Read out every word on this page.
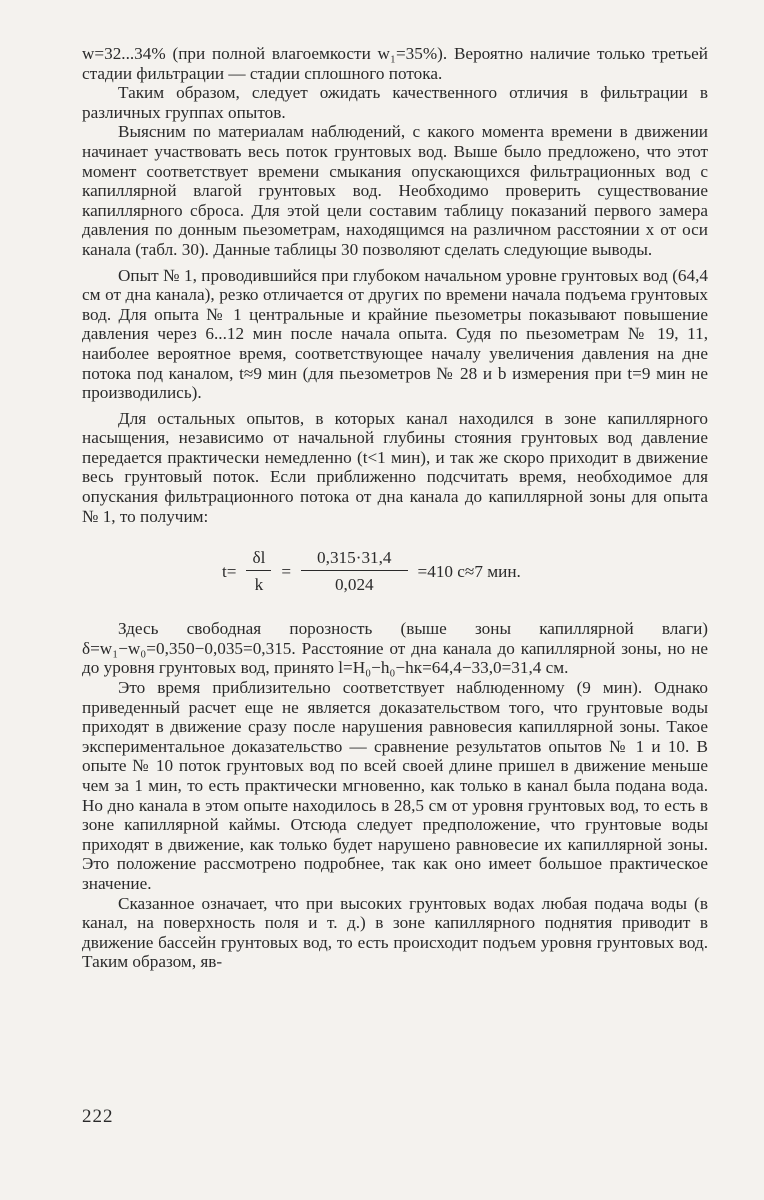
w=32...34% (при полной влагоемкости w₁=35%). Вероятно наличие только третьей стадии фильтрации — стадии сплошного потока.

Таким образом, следует ожидать качественного отличия в фильтрации в различных группах опытов.

Выясним по материалам наблюдений, с какого момента времени в движении начинает участвовать весь поток грунтовых вод. Выше было предложено, что этот момент соответствует времени смыкания опускающихся фильтрационных вод с капиллярной влагой грунтовых вод. Необходимо проверить существование капиллярного сброса. Для этой цели составим таблицу показаний первого замера давления по донным пьезометрам, находящимся на различном расстоянии x от оси канала (табл. 30). Данные таблицы 30 позволяют сделать следующие выводы.

Опыт № 1, проводившийся при глубоком начальном уровне грунтовых вод (64,4 см от дна канала), резко отличается от других по времени начала подъема грунтовых вод. Для опыта № 1 центральные и крайние пьезометры показывают повышение давления через 6...12 мин после начала опыта. Судя по пьезометрам № 19, 11, наиболее вероятное время, соответствующее началу увеличения давления на дне потока под каналом, t≈9 мин (для пьезометров № 28 и b измерения при t=9 мин не производились).

Для остальных опытов, в которых канал находился в зоне капиллярного насыщения, независимо от начальной глубины стояния грунтовых вод давление передается практически немедленно (t<1 мин), и так же скоро приходит в движение весь грунтовый поток. Если приближенно подсчитать время, необходимое для опускания фильтрационного потока от дна канала до капиллярной зоны для опыта № 1, то получим:

$t= \frac{\delta l}{k} = \frac{0,315\cdot 31,4}{0,024} =410$ с≈7 мин.

Здесь свободная порозность (выше зоны капиллярной влаги) δ=w₁−w₀=0,350−0,035=0,315. Расстояние от дна канала до капиллярной зоны, но не до уровня грунтовых вод, принято l=H₀−h₀−hк=64,4−33,0=31,4 см.

Это время приблизительно соответствует наблюденному (9 мин). Однако приведенный расчет еще не является доказательством того, что грунтовые воды приходят в движение сразу после нарушения равновесия капиллярной зоны. Такое экспериментальное доказательство — сравнение результатов опытов № 1 и 10. В опыте № 10 поток грунтовых вод по всей своей длине пришел в движение меньше чем за 1 мин, то есть практически мгновенно, как только в канал была подана вода. Но дно канала в этом опыте находилось в 28,5 см от уровня грунтовых вод, то есть в зоне капиллярной каймы. Отсюда следует предположение, что грунтовые воды приходят в движение, как только будет нарушено равновесие их капиллярной зоны. Это положение рассмотрено подробнее, так как оно имеет большое практическое значение.

Сказанное означает, что при высоких грунтовых водах любая подача воды (в канал, на поверхность поля и т. д.) в зоне капиллярного поднятия приводит в движение бассейн грунтовых вод, то есть происходит подъем уровня грунтовых вод. Таким образом, яв-

222
